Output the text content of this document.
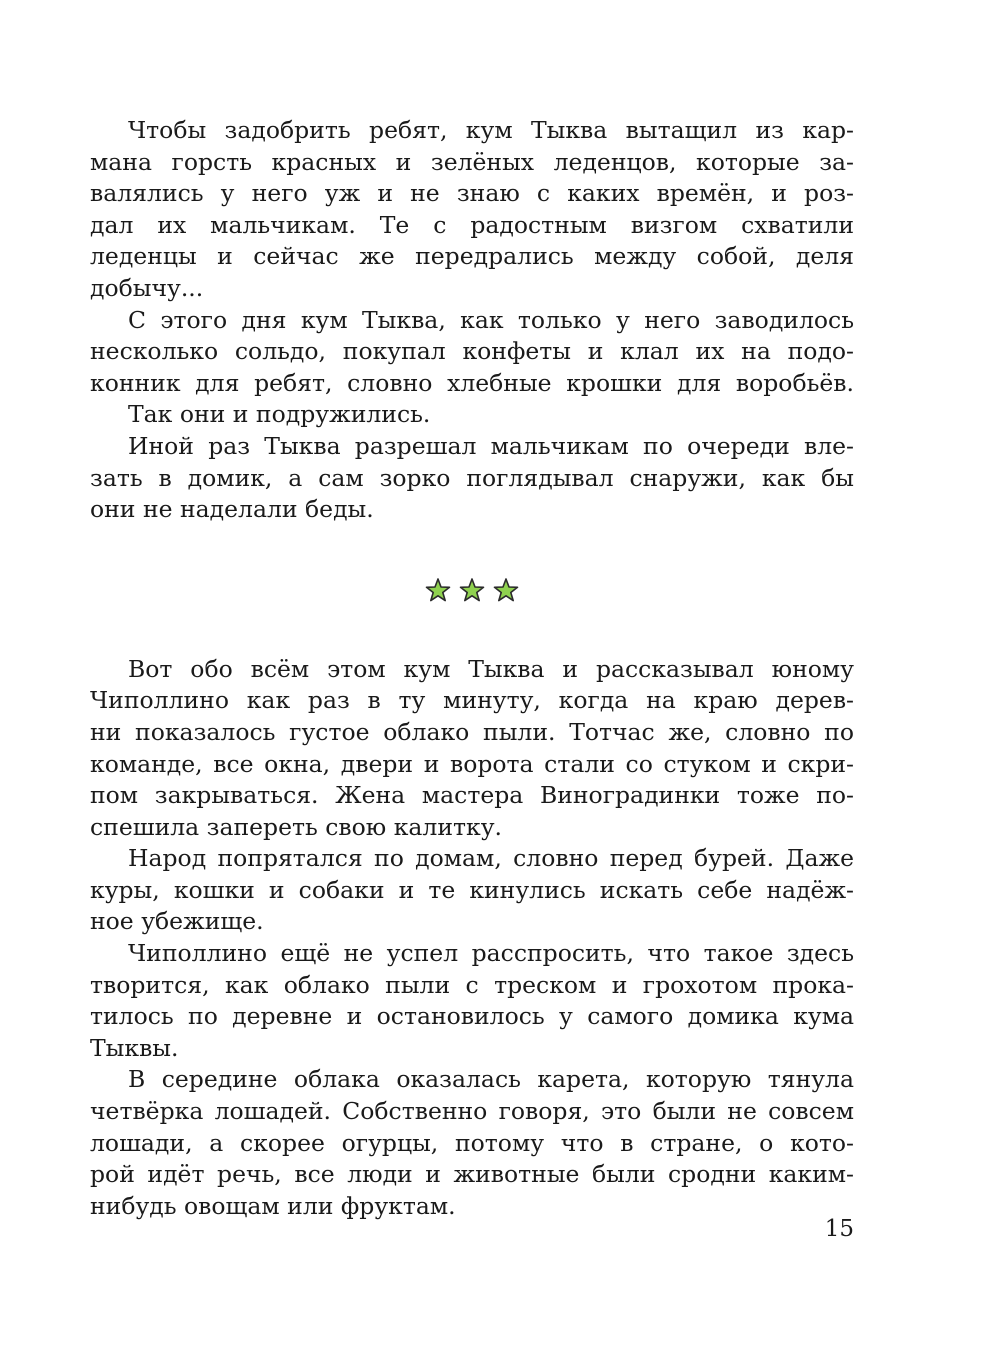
Чтобы задобрить ребят, кум Тыква вытащил из кар-
мана горсть красных и зелёных леденцов, которые за-
валялись у него уж и не знаю с каких времён, и роз-
дал их мальчикам. Те с радостным визгом схватили
леденцы и сейчас же передрались между собой, деля
добычу...
С этого дня кум Тыква, как только у него заводилось
несколько сольдо, покупал конфеты и клал их на подо-
конник для ребят, словно хлебные крошки для воробьёв.
Так они и подружились.
Иной раз Тыква разрешал мальчикам по очереди вле-
зать в домик, а сам зорко поглядывал снаружи, как бы
они не наделали беды.
Вот обо всём этом кум Тыква и рассказывал юному
Чиполлино как раз в ту минуту, когда на краю дерев-
ни показалось густое облако пыли. Тотчас же, словно по
команде, все окна, двери и ворота стали со стуком и скри-
пом закрываться. Жена мастера Виноградинки тоже по-
спешила запереть свою калитку.
Народ попрятался по домам, словно перед бурей. Даже
куры, кошки и собаки и те кинулись искать себе надёж-
ное убежище.
Чиполлино ещё не успел расспросить, что такое здесь
творится, как облако пыли с треском и грохотом прока-
тилось по деревне и остановилось у самого домика кума
Тыквы.
В середине облака оказалась карета, которую тянула
четвёрка лошадей. Собственно говоря, это были не совсем
лошади, а скорее огурцы, потому что в стране, о кото-
рой идёт речь, все люди и животные были сродни каким-
нибудь овощам или фруктам.
15
